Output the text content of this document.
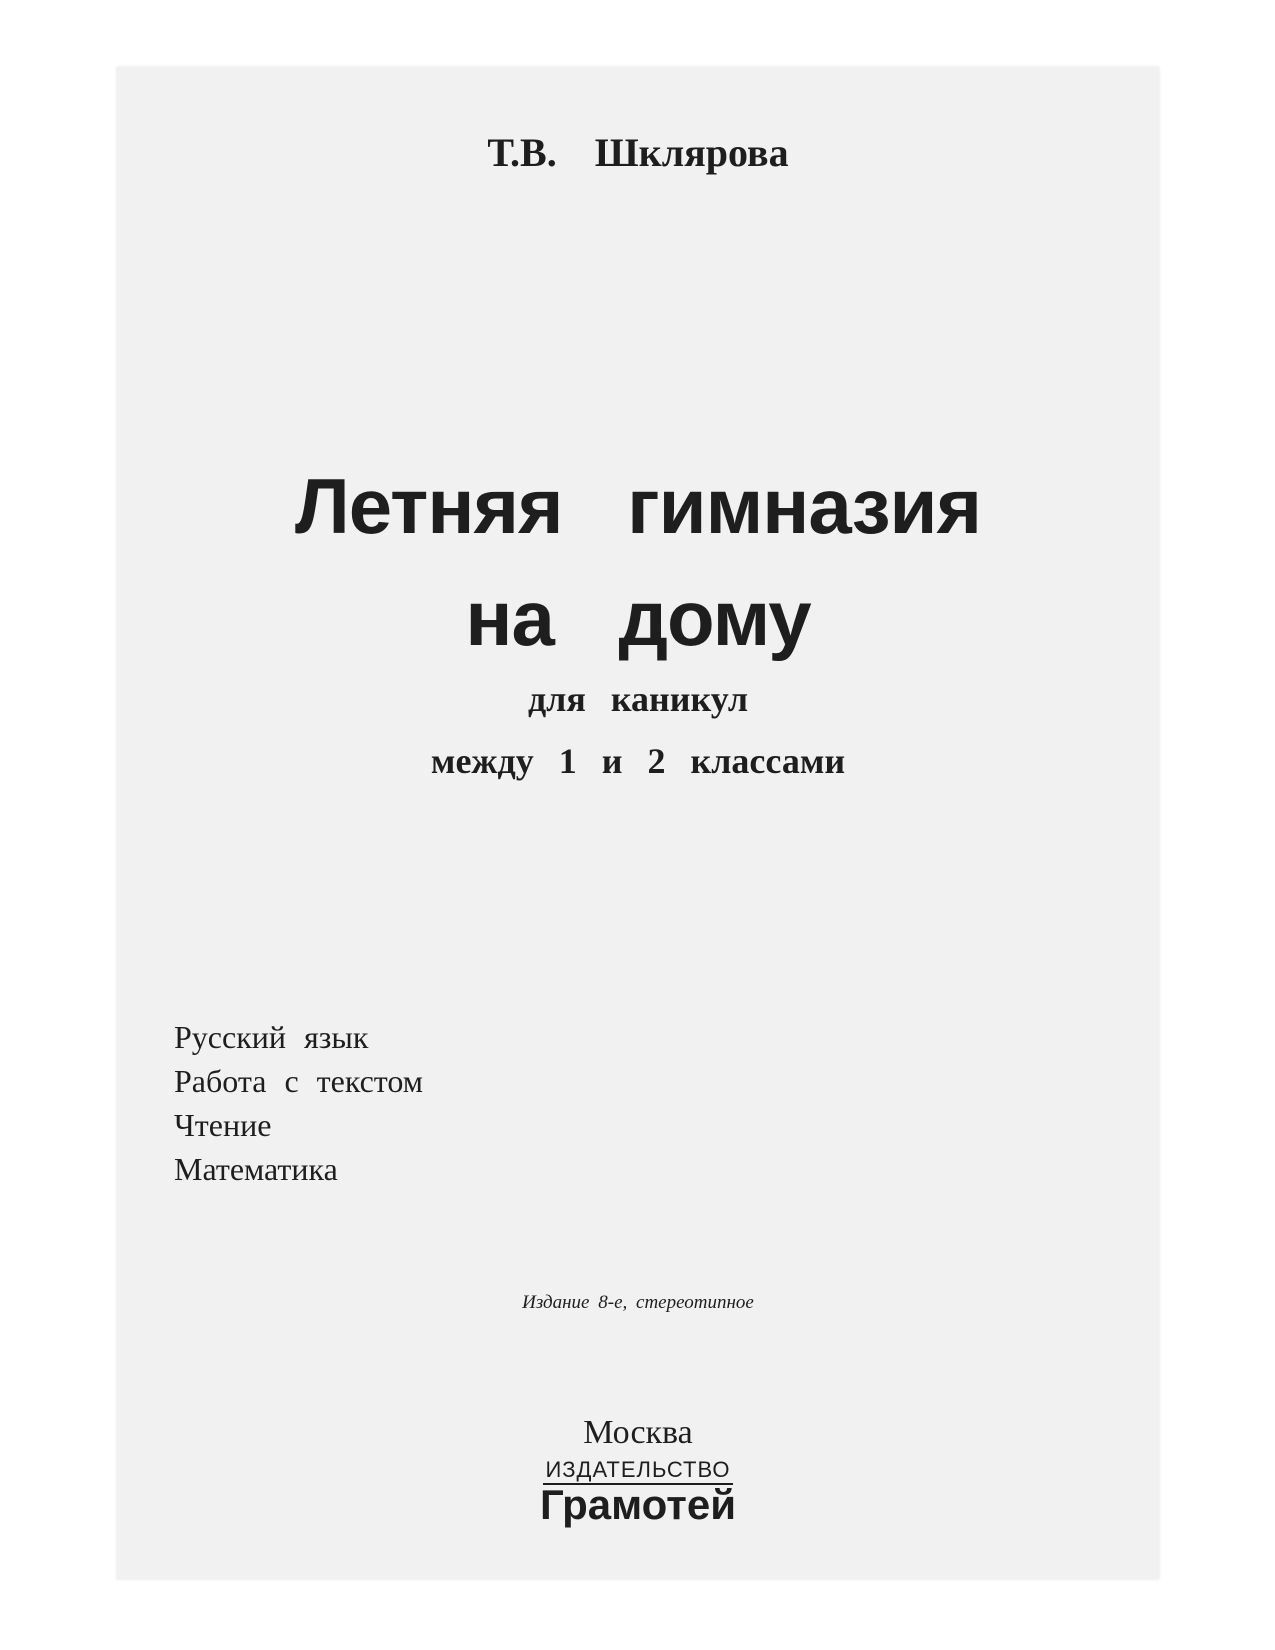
Т.В. Шклярова
Летняя гимназия
на дому

для каникул

между 1 и 2 классами

Русский язык
Работа с текстом
Чтение
Математика

Издание 8-е, стереотипное

Москва

ИЗДАТЕЛЬСТВО
Грамотей
